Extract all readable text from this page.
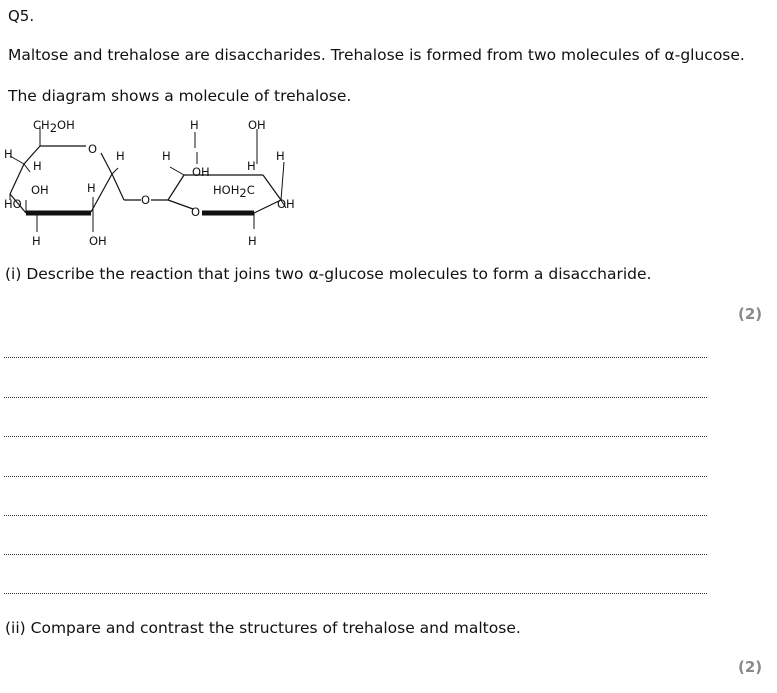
Q5.
Maltose and trehalose are disaccharides. Trehalose is formed from two molecules of α-glucose.
The diagram shows a molecule of trehalose.
CH2OH
O
H
H
H	H
OH	H
HO
H	OH
O
H	OH
OH	H
H
HOH2C
O
OH
H
(i) Describe the reaction that joins two α-glucose molecules to form a disaccharide.
(2)
(ii) Compare and contrast the structures of trehalose and maltose.
(2)
